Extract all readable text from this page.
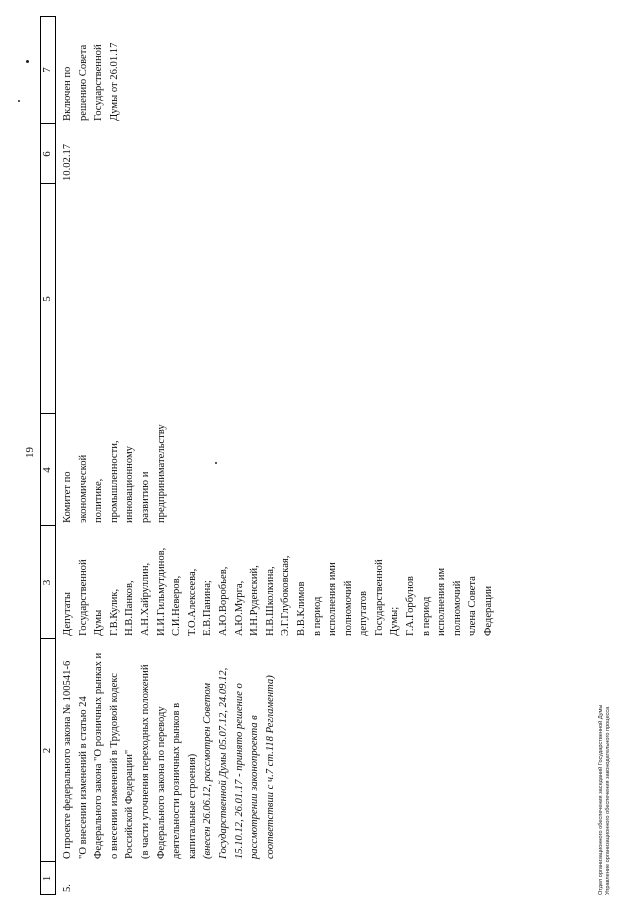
19
1
2
3
4
5
6
7
5.
О проекте федерального закона № 100541-6 "О внесении изменений в статью 24 Федерального закона "О розничных рынках и о внесении изменений в Трудовой кодекс Российской Федерации" (в части уточнения переходных положений Федерального закона по переводу деятельности розничных рынков в капитальные строения) (внесен 26.06.12, рассмотрен Советом Государственной Думы 05.07.12, 24.09.12, 15.10.12, 26.01.17 - принято решение о рассмотрении законопроекта в соответствии с ч.7 ст.118 Регламента)
Депутаты Государственной Думы Г.В.Кулик, Н.В.Панков, А.Н.Хайруллин, И.И.Гильмутдинов, С.И.Неверов, Т.О.Алексеева, Е.В.Панина; А.Ю.Воробьев, А.Ю.Мурга, И.Н.Руденский, Н.В.Школкина, Э.Г.Глубоковская, В.В.Климов в период исполнения ими полномочий депутатов Государственной Думы; Г.А.Горбунов в период исполнения им полномочий члена Совета Федерации
Комитет по экономической политике, промышленности, инновационному развитию и предпринимательству
10.02.17
Включен по решению Совета Государственной Думы от 26.01.17
Отдел организационного обеспечения заседаний Государственной Думы Управление организационного обеспечения законодательного процесса
